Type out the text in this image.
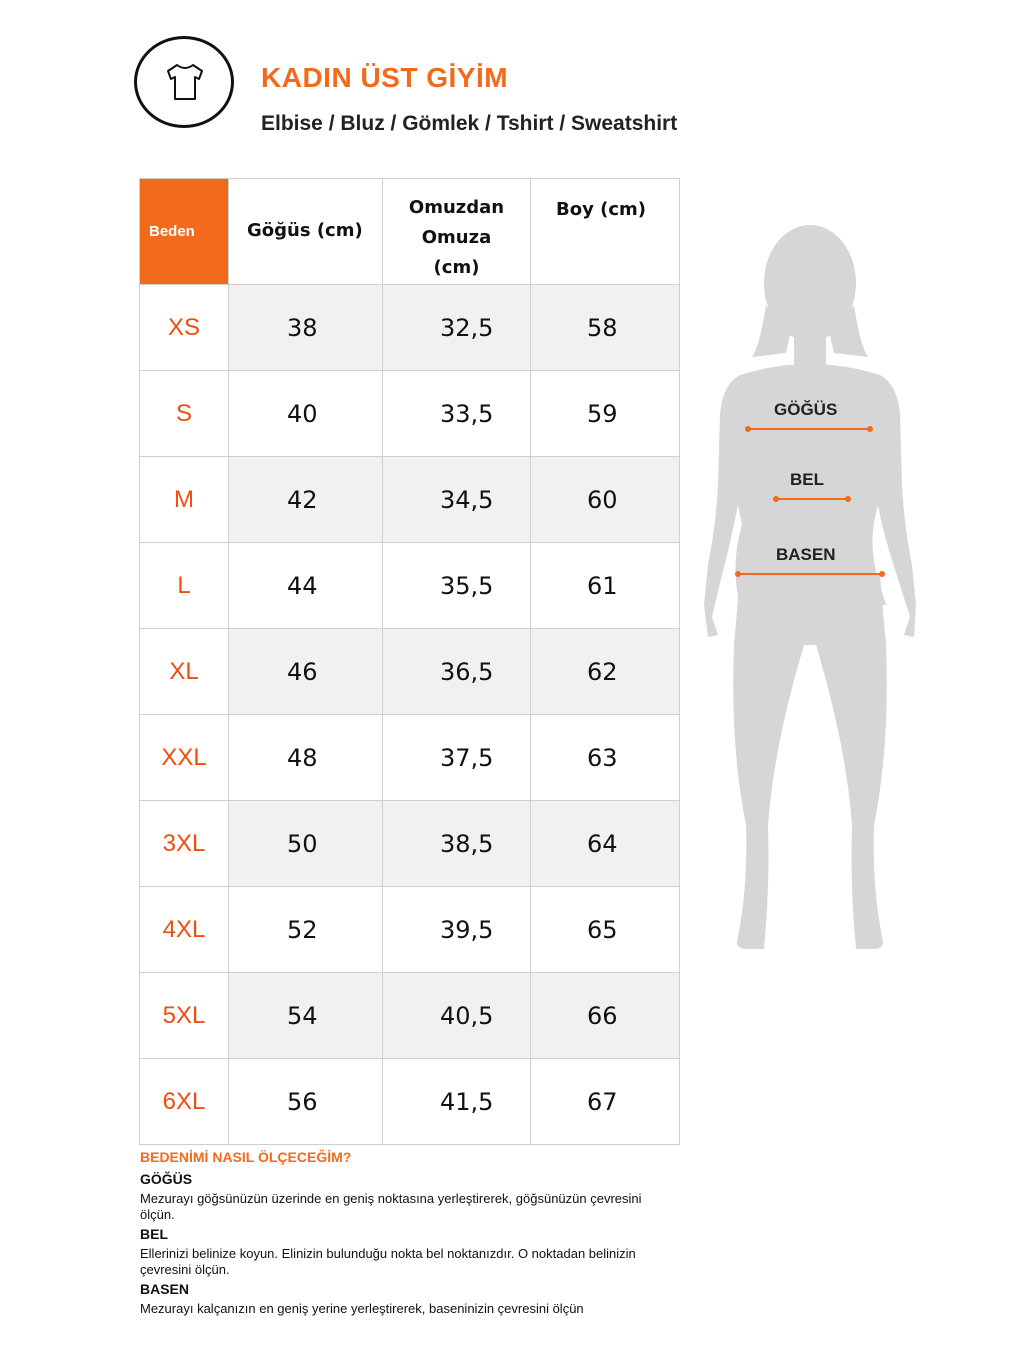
KADIN ÜST GİYİM
Elbise / Bluz / Gömlek / Tshirt / Sweatshirt
Beden	Göğüs (cm)	Omuzdan Omuza (cm)	Boy (cm)
XS	38	32,5	58
S	40	33,5	59
M	42	34,5	60
L	44	35,5	61
XL	46	36,5	62
XXL	48	37,5	63
3XL	50	38,5	64
4XL	52	39,5	65
5XL	54	40,5	66
6XL	56	41,5	67
GÖĞÜS
BEL
BASEN
BEDENİMİ NASIL ÖLÇECEĞİM?
GÖĞÜS
Mezurayı göğsünüzün üzerinde en geniş noktasına yerleştirerek, göğsünüzün çevresini ölçün.
BEL
Ellerinizi belinize koyun. Elinizin bulunduğu nokta bel noktanızdır. O noktadan belinizin çevresini ölçün.
BASEN
Mezurayı kalçanızın en geniş yerine yerleştirerek, baseninizin çevresini ölçün
